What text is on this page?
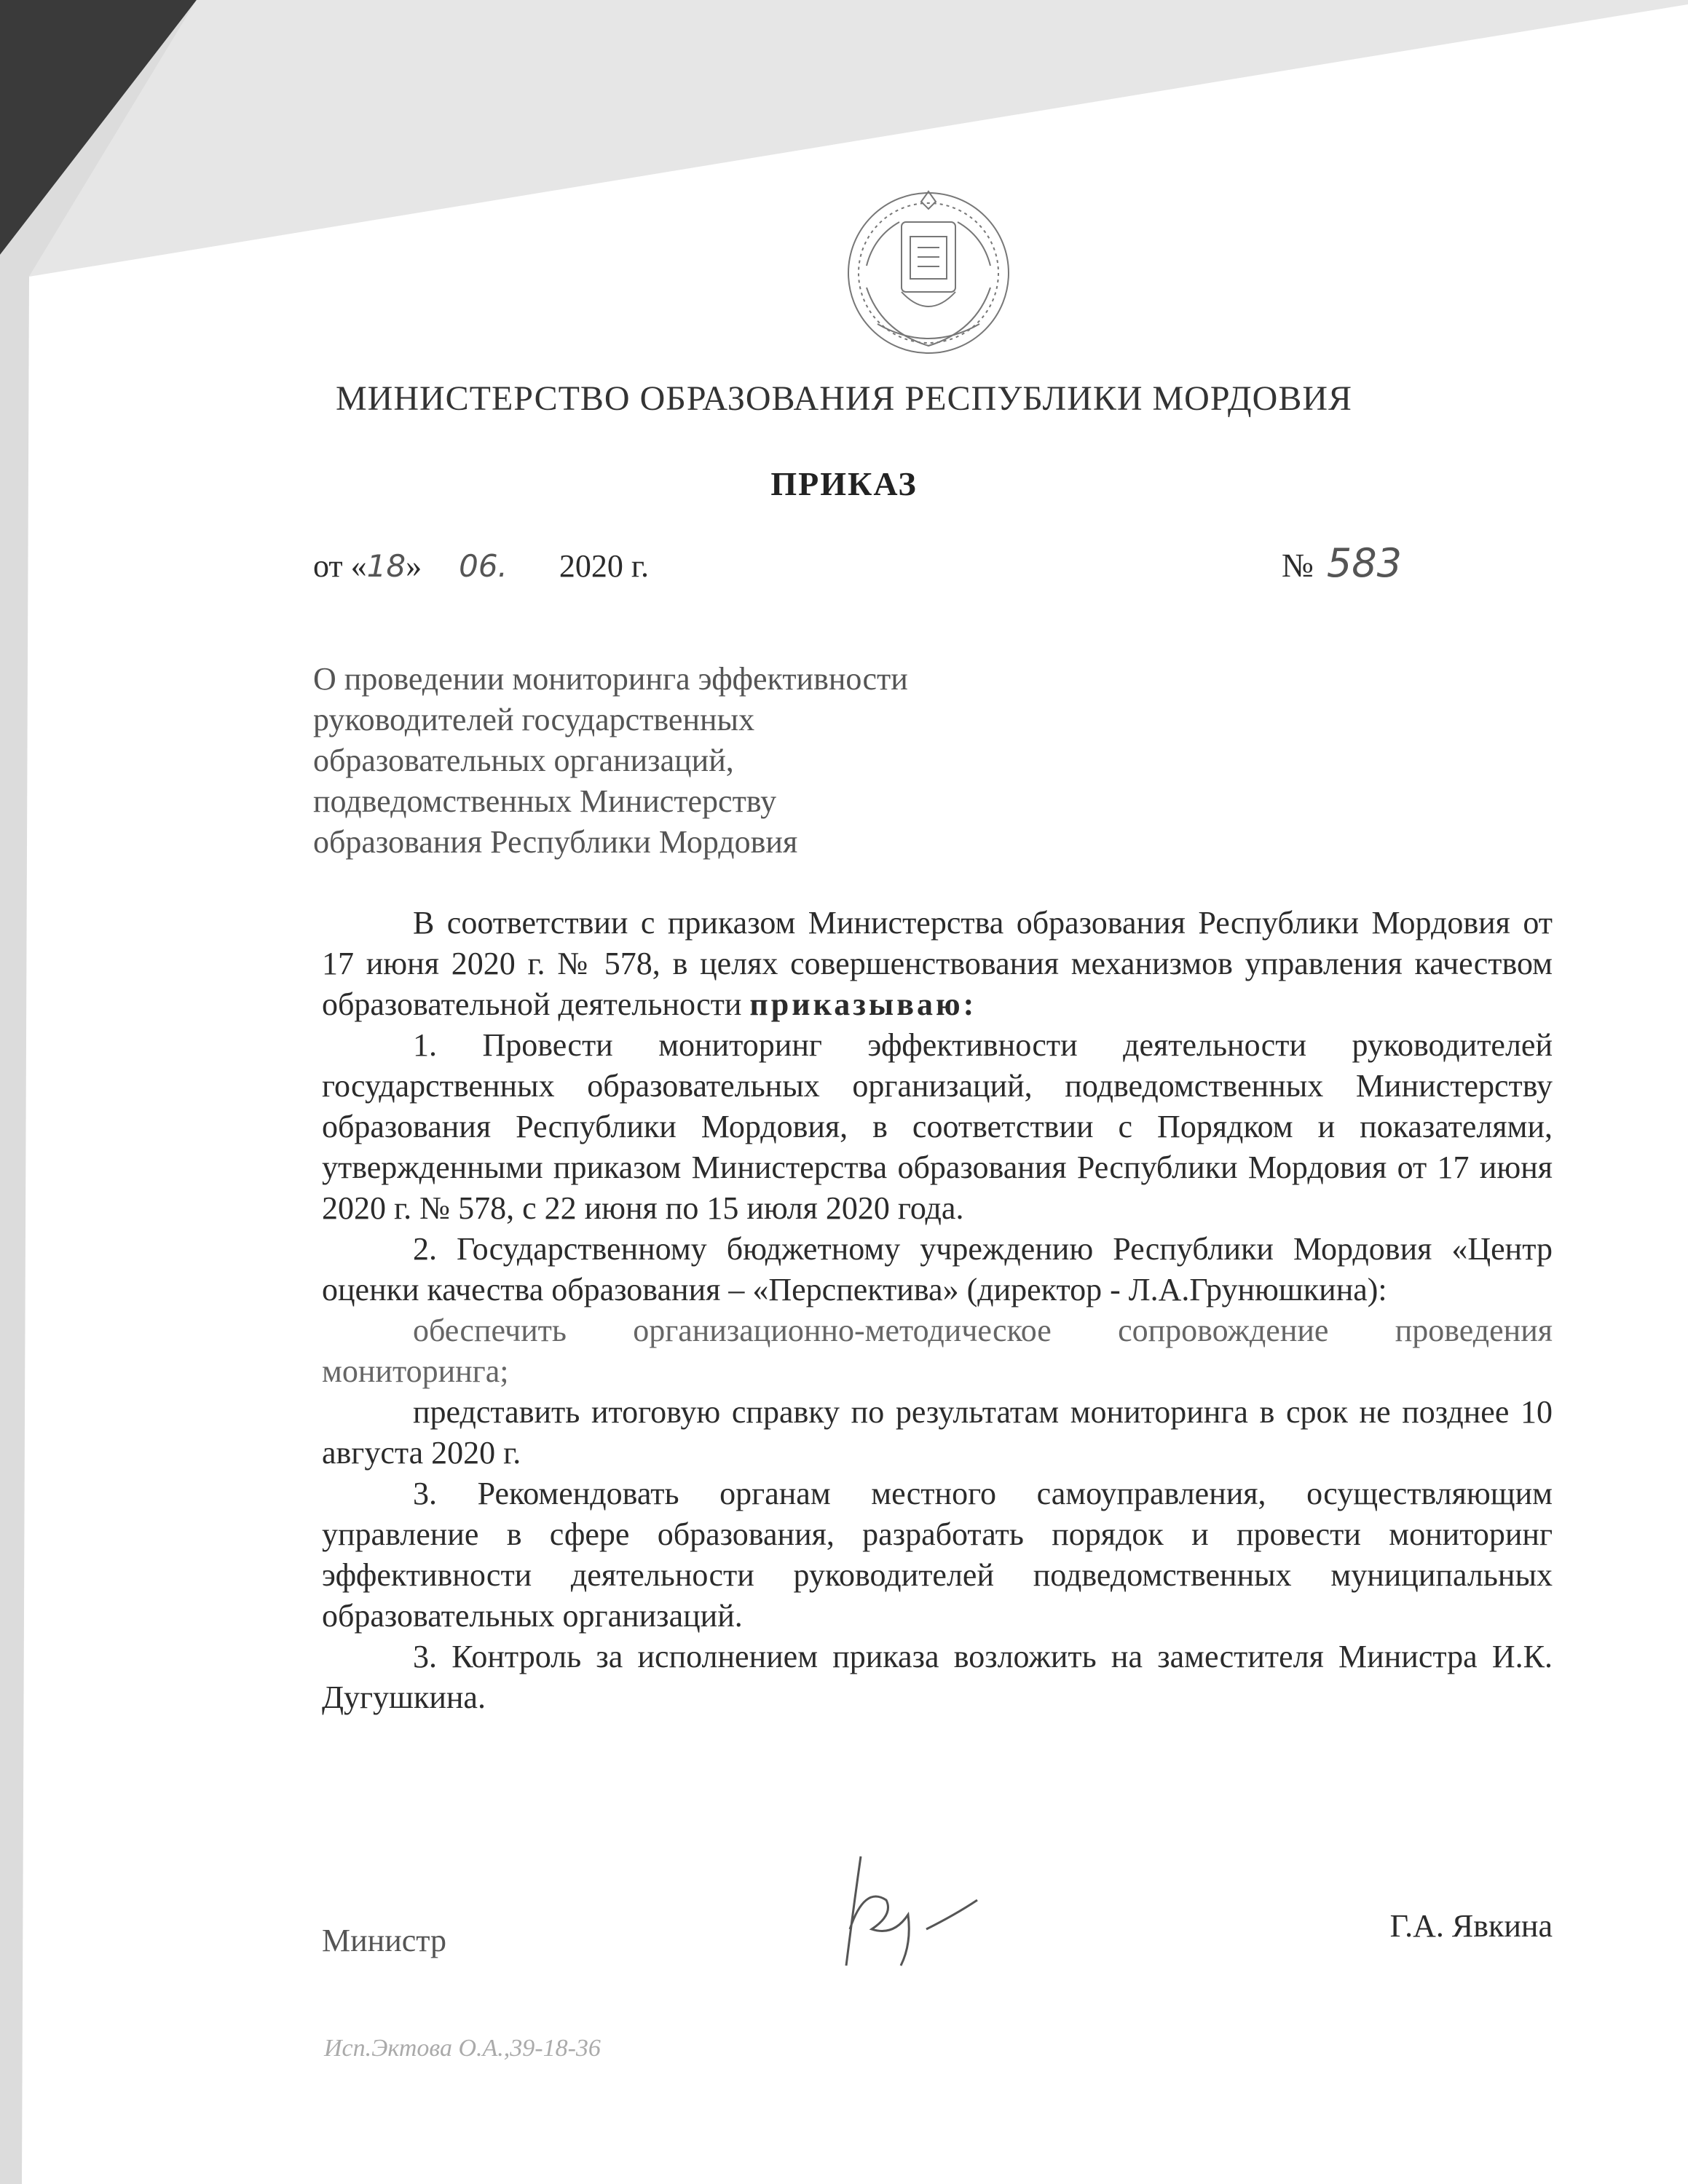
МИНИСТЕРСТВО ОБРАЗОВАНИЯ РЕСПУБЛИКИ МОРДОВИЯ
ПРИКАЗ
от «18» 06. 2020 г.	№ 583
О проведении мониторинга эффективности
руководителей государственных
образовательных организаций,
подведомственных Министерству
образования Республики Мордовия

В соответствии с приказом Министерства образования Республики Мордовия от 17 июня 2020 г. № 578, в целях совершенствования механизмов управления качеством образовательной деятельности приказываю:

1. Провести мониторинг эффективности деятельности руководителей государственных образовательных организаций, подведомственных Министерству образования Республики Мордовия, в соответствии с Порядком и показателями, утвержденными приказом Министерства образования Республики Мордовия от 17 июня 2020 г. № 578, с 22 июня по 15 июля 2020 года.

2. Государственному бюджетному учреждению Республики Мордовия «Центр оценки качества образования – «Перспектива» (директор - Л.А.Грунюшкина):

обеспечить организационно-методическое сопровождение проведения мониторинга;

представить итоговую справку по результатам мониторинга в срок не позднее 10 августа 2020 г.

3. Рекомендовать органам местного самоуправления, осуществляющим управление в сфере образования, разработать порядок и провести мониторинг эффективности деятельности руководителей подведомственных муниципальных образовательных организаций.

3. Контроль за исполнением приказа возложить на заместителя Министра И.К. Дугушкина.

Министр	Г.А. Явкина
Исп.Эктова О.А.,39-18-36
